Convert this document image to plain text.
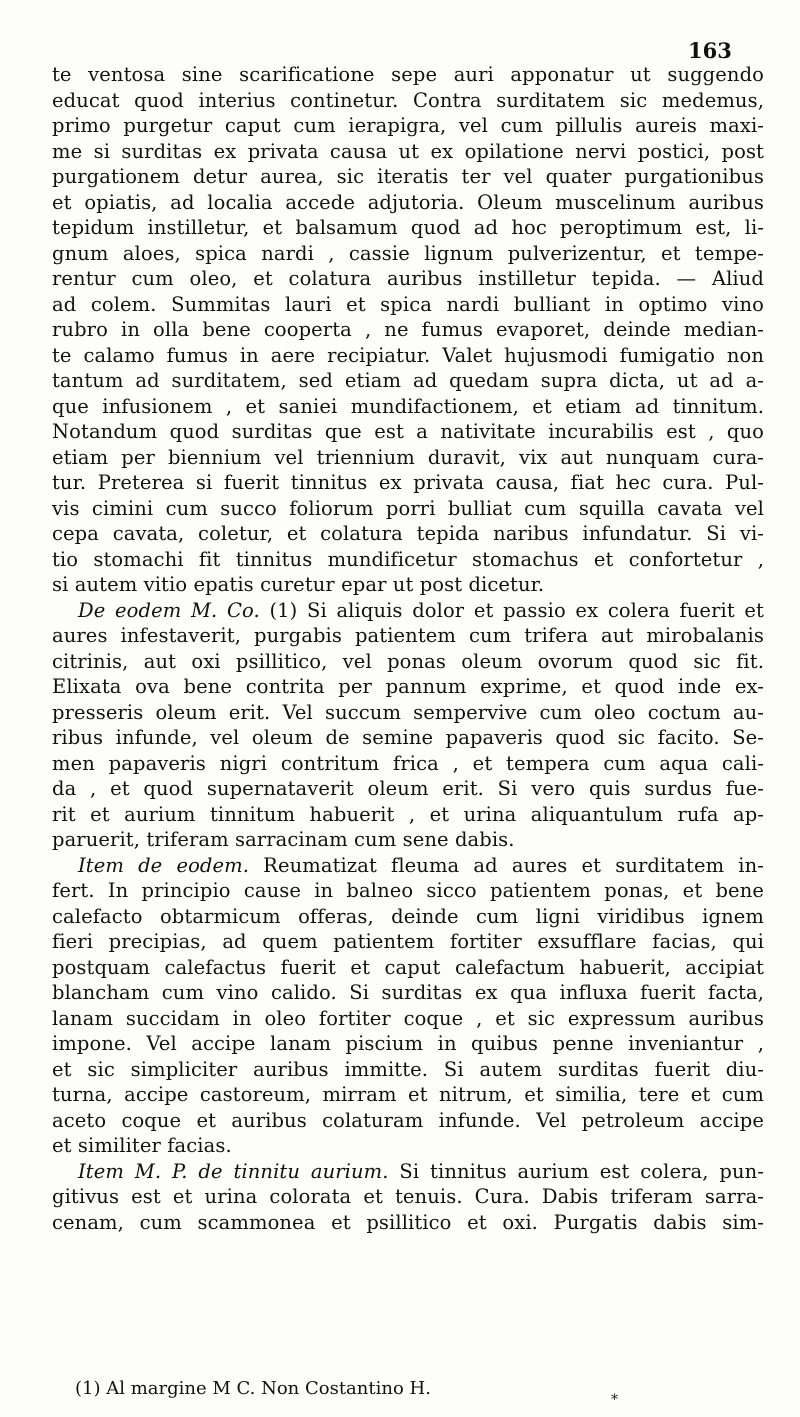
163
te ventosa sine scarificatione sepe auri apponatur ut suggendo
educat quod interius continetur. Contra surditatem sic medemus,
primo purgetur caput cum ierapigra, vel cum pillulis aureis maxi-
me si surditas ex privata causa ut ex opilatione nervi postici, post
purgationem detur aurea, sic iteratis ter vel quater purgationibus
et opiatis, ad localia accede adjutoria. Oleum muscelinum auribus
tepidum instilletur, et balsamum quod ad hoc peroptimum est, li-
gnum aloes, spica nardi , cassie lignum pulverizentur, et tempe-
rentur cum oleo, et colatura auribus instilletur tepida. — Aliud
ad colem. Summitas lauri et spica nardi bulliant in optimo vino
rubro in olla bene cooperta , ne fumus evaporet, deinde median-
te calamo fumus in aere recipiatur. Valet hujusmodi fumigatio non
tantum ad surditatem, sed etiam ad quedam supra dicta, ut ad a-
que infusionem , et saniei mundifactionem, et etiam ad tinnitum.
Notandum quod surditas que est a nativitate incurabilis est , quo
etiam per biennium vel triennium duravit, vix aut nunquam cura-
tur. Preterea si fuerit tinnitus ex privata causa, fiat hec cura. Pul-
vis cimini cum succo foliorum porri bulliat cum squilla cavata vel
cepa cavata, coletur, et colatura tepida naribus infundatur. Si vi-
tio stomachi fit tinnitus mundificetur stomachus et confortetur ,
si autem vitio epatis curetur epar ut post dicetur.
De eodem M. Co. (1) Si aliquis dolor et passio ex colera fuerit et
aures infestaverit, purgabis patientem cum trifera aut mirobalanis
citrinis, aut oxi psillitico, vel ponas oleum ovorum quod sic fit.
Elixata ova bene contrita per pannum exprime, et quod inde ex-
presseris oleum erit. Vel succum sempervive cum oleo coctum au-
ribus infunde, vel oleum de semine papaveris quod sic facito. Se-
men papaveris nigri contritum frica , et tempera cum aqua cali-
da , et quod supernataverit oleum erit. Si vero quis surdus fue-
rit et aurium tinnitum habuerit , et urina aliquantulum rufa ap-
paruerit, triferam sarracinam cum sene dabis.
Item de eodem. Reumatizat fleuma ad aures et surditatem in-
fert. In principio cause in balneo sicco patientem ponas, et bene
calefacto obtarmicum offeras, deinde cum ligni viridibus ignem
fieri precipias, ad quem patientem fortiter exsufflare facias, qui
postquam calefactus fuerit et caput calefactum habuerit, accipiat
blancham cum vino calido. Si surditas ex qua influxa fuerit facta,
lanam succidam in oleo fortiter coque , et sic expressum auribus
impone. Vel accipe lanam piscium in quibus penne inveniantur ,
et sic simpliciter auribus immitte. Si autem surditas fuerit diu-
turna, accipe castoreum, mirram et nitrum, et similia, tere et cum
aceto coque et auribus colaturam infunde. Vel petroleum accipe
et similiter facias.
Item M. P. de tinnitu aurium. Si tinnitus aurium est colera, pun-
gitivus est et urina colorata et tenuis. Cura. Dabis triferam sarra-
cenam, cum scammonea et psillitico et oxi. Purgatis dabis sim-
(1) Al margine M C. Non Costantino H.
*
